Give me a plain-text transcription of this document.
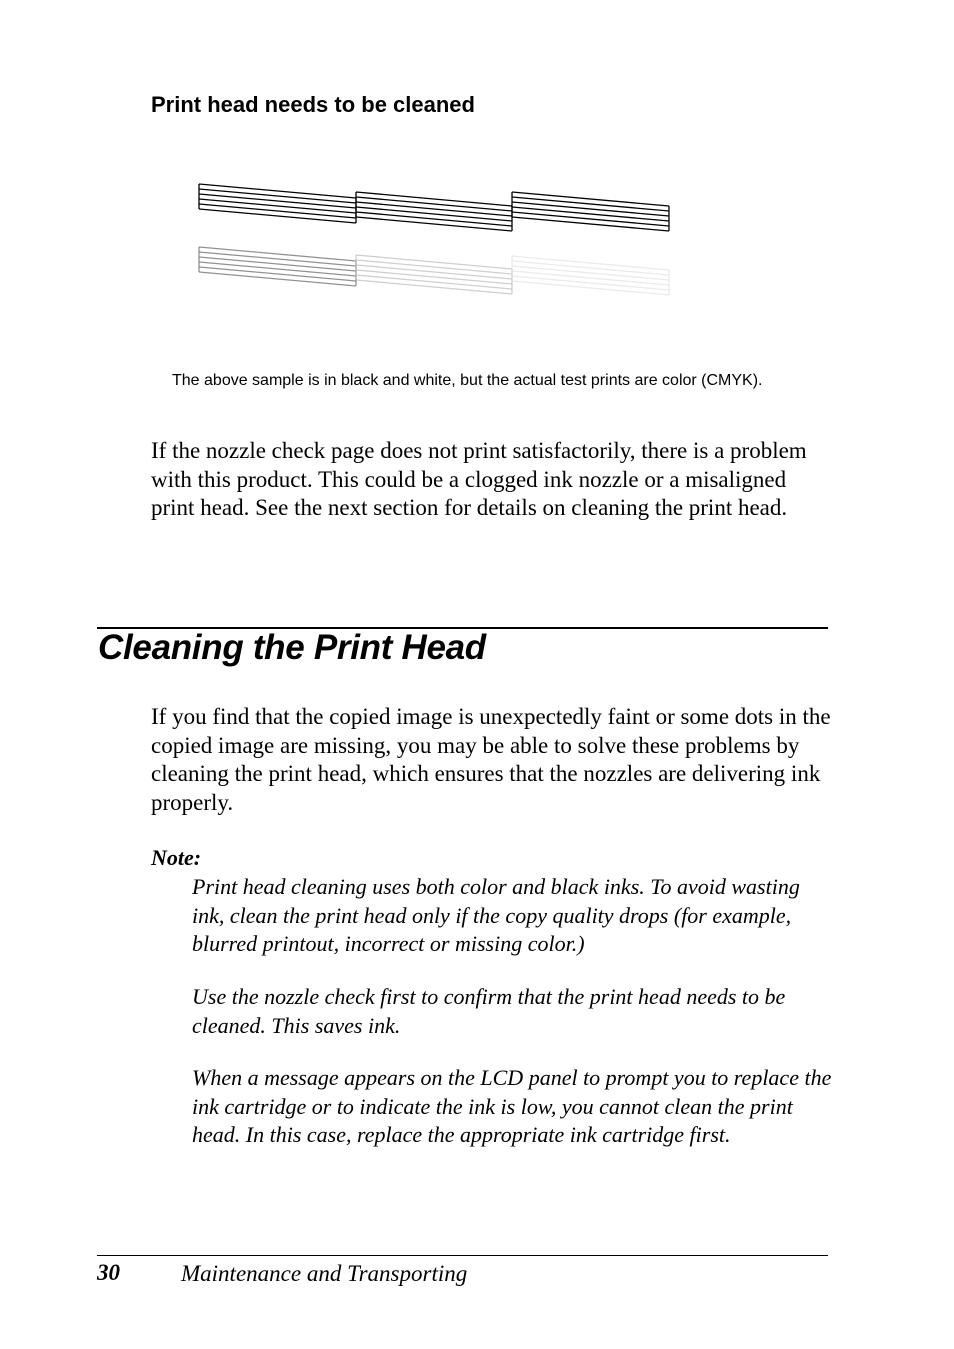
Print head needs to be cleaned
The above sample is in black and white, but the actual test prints are color (CMYK).
If the nozzle check page does not print satisfactorily, there is a problem with this product. This could be a clogged ink nozzle or a misaligned print head. See the next section for details on cleaning the print head.
Cleaning the Print Head
If you find that the copied image is unexpectedly faint or some dots in the copied image are missing, you may be able to solve these problems by cleaning the print head, which ensures that the nozzles are delivering ink properly.
Note:
Print head cleaning uses both color and black inks. To avoid wasting ink, clean the print head only if the copy quality drops (for example, blurred printout, incorrect or missing color.)
Use the nozzle check first to confirm that the print head needs to be cleaned. This saves ink.
When a message appears on the LCD panel to prompt you to replace the ink cartridge or to indicate the ink is low, you cannot clean the print head. In this case, replace the appropriate ink cartridge first.
30	Maintenance and Transporting
